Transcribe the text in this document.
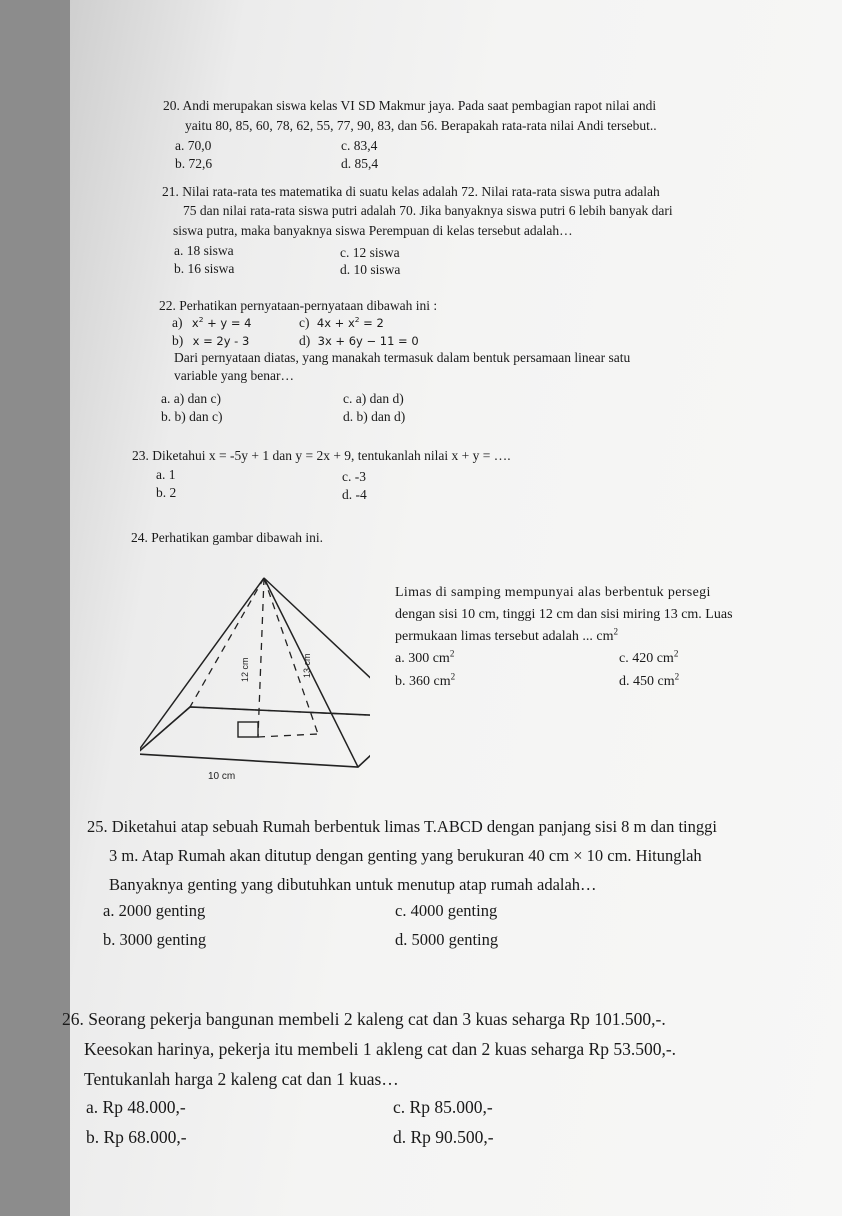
20. Andi merupakan siswa kelas VI SD Makmur jaya. Pada saat pembagian rapot nilai andi
yaitu 80, 85, 60, 78, 62, 55, 77, 90, 83, dan 56. Berapakah rata-rata nilai Andi tersebut..
a. 70,0
b. 72,6
c. 83,4
d. 85,4
21. Nilai rata-rata tes matematika di suatu kelas adalah 72. Nilai rata-rata siswa putra adalah
75 dan nilai rata-rata siswa putri adalah 70. Jika banyaknya siswa putri 6 lebih banyak dari
siswa putra, maka banyaknya siswa Perempuan di kelas tersebut adalah…
a. 18 siswa
b. 16 siswa
c. 12 siswa
d. 10 siswa
22. Perhatikan pernyataan-pernyataan dibawah ini :
a) $x^2 + y = 4$
b) x = 2y - 3
c) $4x + x^2 = 2$
d) 3x + 6y − 11 = 0
Dari pernyataan diatas, yang manakah termasuk dalam bentuk persamaan linear satu
variable yang benar…
a. a) dan c)
b. b) dan c)
c. a) dan d)
d. b) dan d)
23. Diketahui x = -5y + 1 dan y = 2x + 9, tentukanlah nilai x + y = ….
a. 1
b. 2
c. -3
d. -4
24. Perhatikan gambar dibawah ini.
12 cm	13 cm
10 cm
Limas di samping mempunyai alas berbentuk persegi
dengan sisi 10 cm, tinggi 12 cm dan sisi miring 13 cm. Luas
permukaan limas tersebut adalah ... $cm^2$
a. 300 $cm^2$
b. 360 $cm^2$
c. 420 $cm^2$
d. 450 $cm^2$
25. Diketahui atap sebuah Rumah berbentuk limas T.ABCD dengan panjang sisi 8 m dan tinggi
3 m. Atap Rumah akan ditutup dengan genting yang berukuran 40 cm × 10 cm. Hitunglah
Banyaknya genting yang dibutuhkan untuk menutup atap rumah adalah…
a. 2000 genting
b. 3000 genting
c. 4000 genting
d. 5000 genting
26. Seorang pekerja bangunan membeli 2 kaleng cat dan 3 kuas seharga Rp 101.500,-.
Keesokan harinya, pekerja itu membeli 1 akleng cat dan 2 kuas seharga Rp 53.500,-.
Tentukanlah harga 2 kaleng cat dan 1 kuas…
a. Rp 48.000,-
b. Rp 68.000,-
c. Rp 85.000,-
d. Rp 90.500,-
